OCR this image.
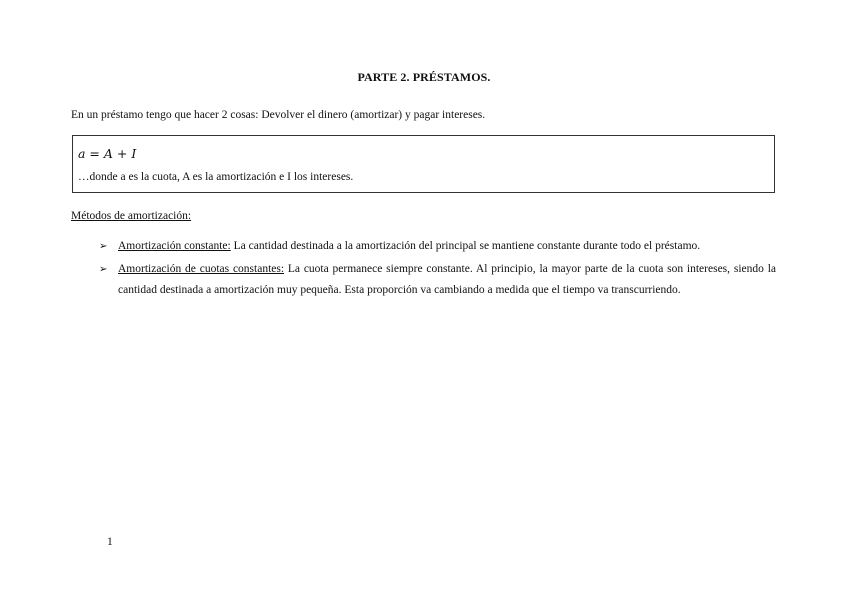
PARTE 2. PRÉSTAMOS.
En un préstamo tengo que hacer 2 cosas: Devolver el dinero (amortizar) y pagar intereses.
a = A + I
…donde a es la cuota, A es la amortización e I los intereses.
Métodos de amortización:
➢ Amortización constante: La cantidad destinada a la amortización del principal se mantiene constante durante todo el préstamo.
➢ Amortización de cuotas constantes: La cuota permanece siempre constante. Al principio, la mayor parte de la cuota son intereses, siendo la cantidad destinada a amortización muy pequeña. Esta proporción va cambiando a medida que el tiempo va transcurriendo.
1
